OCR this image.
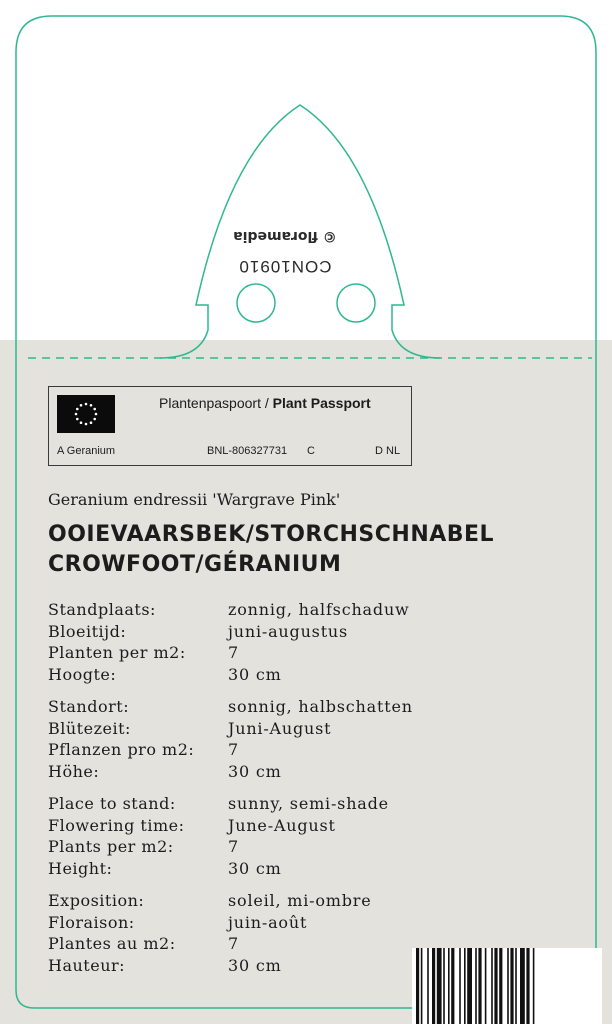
© floramedia
CON10910
Plantenpaspoort / Plant Passport
A Geranium	BNL-806327731 C	D NL
Geranium endressii 'Wargrave Pink'
OOIEVAARSBEK/STORCHSCHNABEL
CROWFOOT/GÉRANIUM
Standplaats:	zonnig, halfschaduw
Bloeitijd:	juni-augustus
Planten per m2:	7
Hoogte:	30 cm
Standort:	sonnig, halbschatten
Blütezeit:	Juni-August
Pflanzen pro m2: 7
Höhe:	30 cm
Place to stand:	sunny, semi-shade
Flowering time:	June-August
Plants per m2:	7
Height:	30 cm
Exposition:	soleil, mi-ombre
Floraison:	juin-août
Plantes au m2:	7
Hauteur:	30 cm
